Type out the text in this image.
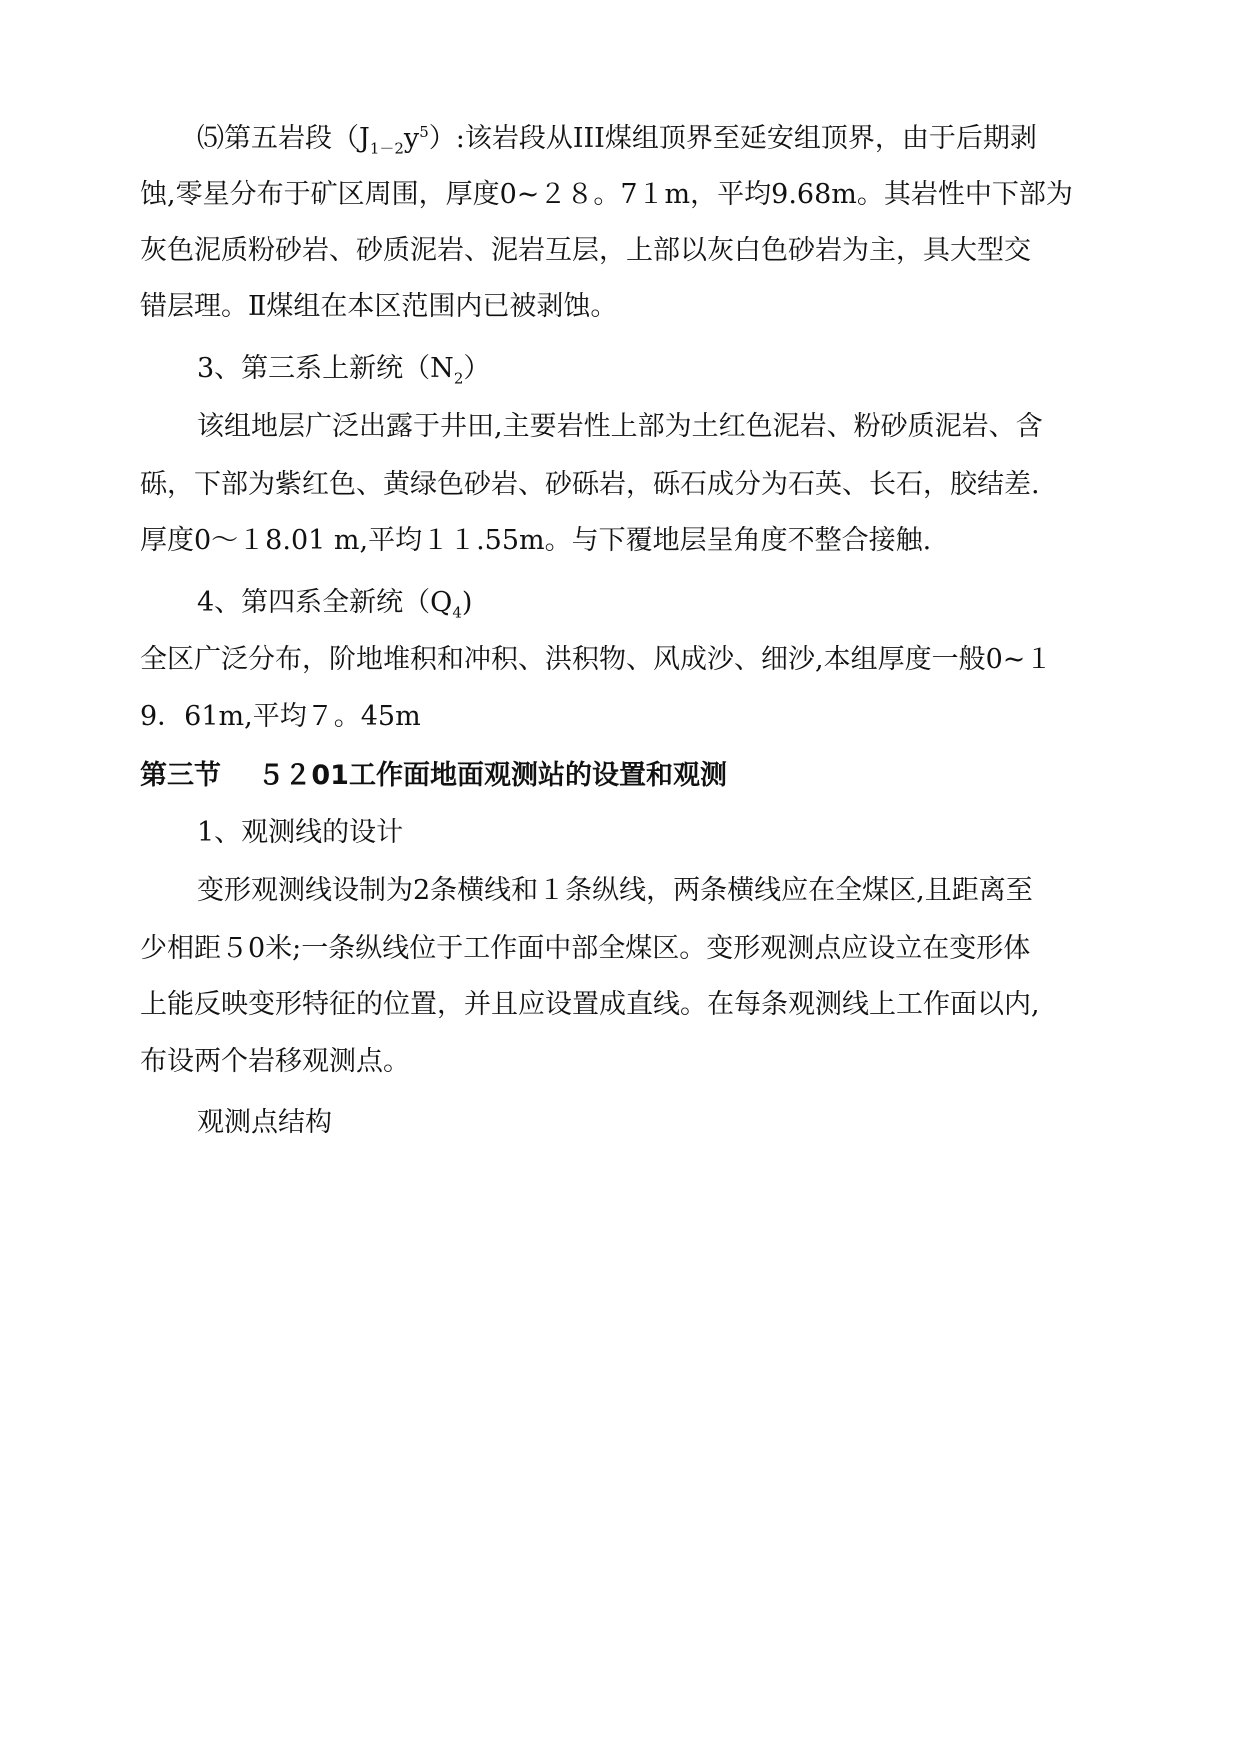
⑸第五岩段$(J_{1-2}y^5)$:该岩段从III煤组顶界至延安组顶界，由于后期剥
蚀,零星分布于矿区周围，厚度0~２８。7１m，平均9.68m。其岩性中下部为
灰色泥质粉砂岩、砂质泥岩、泥岩互层，上部以灰白色砂岩为主，具大型交
错层理。Ⅱ煤组在本区范围内已被剥蚀。
3、第三系上新统$(N_2)$
该组地层广泛出露于井田,主要岩性上部为土红色泥岩、粉砂质泥岩、含
砾，下部为紫红色、黄绿色砂岩、砂砾岩，砾石成分为石英、长石，胶结差.
厚度0～１8.01 m,平均１１.55m。与下覆地层呈角度不整合接触.
4、第四系全新统$(Q_4)$
全区广泛分布，阶地堆积和冲积、洪积物、风成沙、细沙,本组厚度一般0~１
9．61m,平均７。45m
第三节　 ５２01工作面地面观测站的设置和观测
1、观测线的设计
变形观测线设制为2条横线和１条纵线，两条横线应在全煤区,且距离至
少相距５0米;一条纵线位于工作面中部全煤区。变形观测点应设立在变形体
上能反映变形特征的位置，并且应设置成直线。在每条观测线上工作面以内,
布设两个岩移观测点。
观测点结构
